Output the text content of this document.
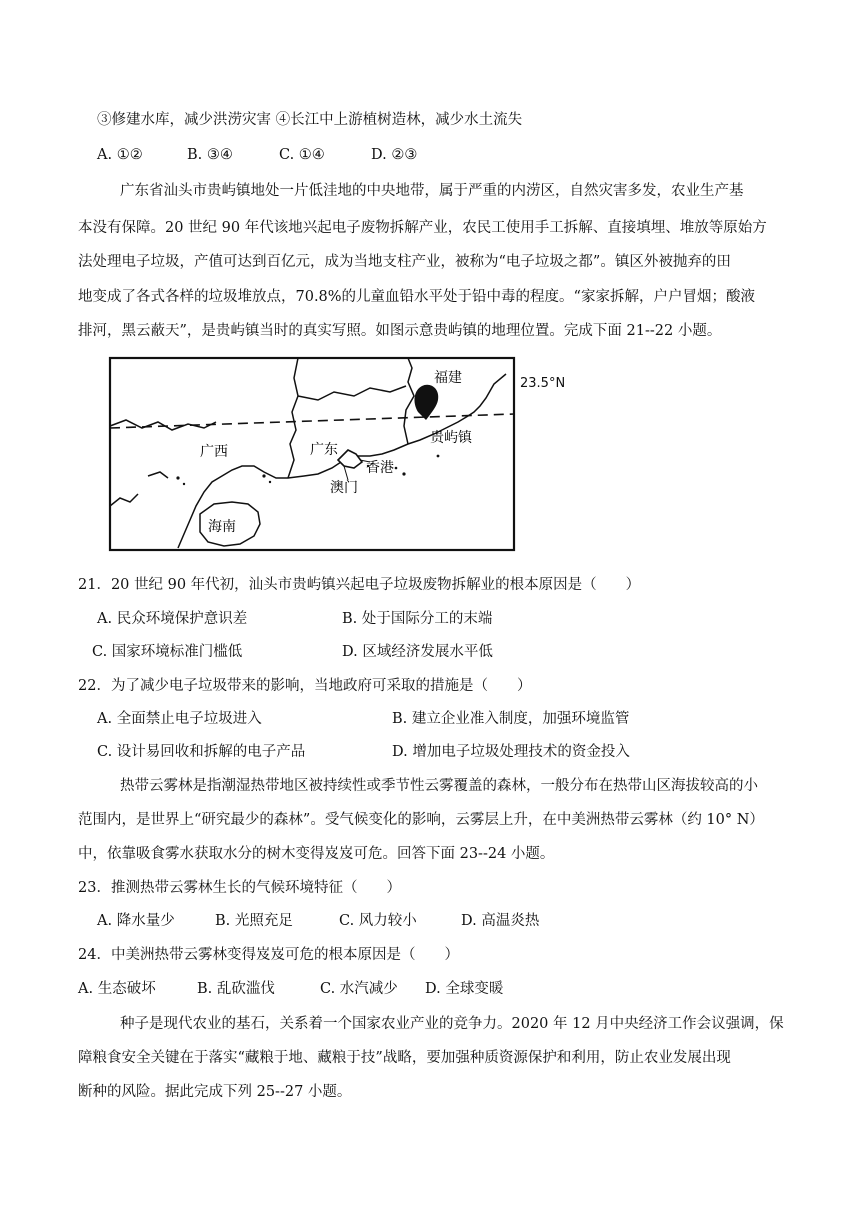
③修建水库，减少洪涝灾害 ④长江中上游植树造林，减少水土流失
A. ①②	B. ③④	C. ①④	D. ②③
广东省汕头市贵屿镇地处一片低洼地的中央地带，属于严重的内涝区，自然灾害多发，农业生产基
本没有保障。20 世纪 90 年代该地兴起电子废物拆解产业，农民工使用手工拆解、直接填埋、堆放等原始方
法处理电子垃圾，产值可达到百亿元，成为当地支柱产业，被称为“电子垃圾之都”。镇区外被抛弃的田
地变成了各式各样的垃圾堆放点，70.8%的儿童血铅水平处于铅中毒的程度。“家家拆解，户户冒烟；酸液
排河，黑云蔽天”，是贵屿镇当时的真实写照。如图示意贵屿镇的地理位置。完成下面 21--22 小题。
福建
广西	广东
贵屿镇
香港
澳门
海南
23.5°N
21．20 世纪 90 年代初，汕头市贵屿镇兴起电子垃圾废物拆解业的根本原因是（　　）
A. 民众环境保护意识差	B. 处于国际分工的末端
C. 国家环境标准门槛低	D. 区域经济发展水平低
22．为了减少电子垃圾带来的影响，当地政府可采取的措施是（　　）
A. 全面禁止电子垃圾进入	B. 建立企业准入制度，加强环境监管
C. 设计易回收和拆解的电子产品	D. 增加电子垃圾处理技术的资金投入
热带云雾林是指潮湿热带地区被持续性或季节性云雾覆盖的森林，一般分布在热带山区海拔较高的小
范围内，是世界上“研究最少的森林”。受气候变化的影响，云雾层上升，在中美洲热带云雾林（约 10° N）
中，依靠吸食雾水获取水分的树木变得岌岌可危。回答下面 23--24 小题。
23．推测热带云雾林生长的气候环境特征（　　）
A. 降水量少	B. 光照充足	C. 风力较小	D. 高温炎热
24．中美洲热带云雾林变得岌岌可危的根本原因是（　　）
A. 生态破坏	B. 乱砍滥伐	C. 水汽减少 D. 全球变暖
种子是现代农业的基石，关系着一个国家农业产业的竞争力。2020 年 12 月中央经济工作会议强调，保
障粮食安全关键在于落实“藏粮于地、藏粮于技”战略，要加强种质资源保护和利用，防止农业发展出现
断种的风险。据此完成下列 25--27 小题。
